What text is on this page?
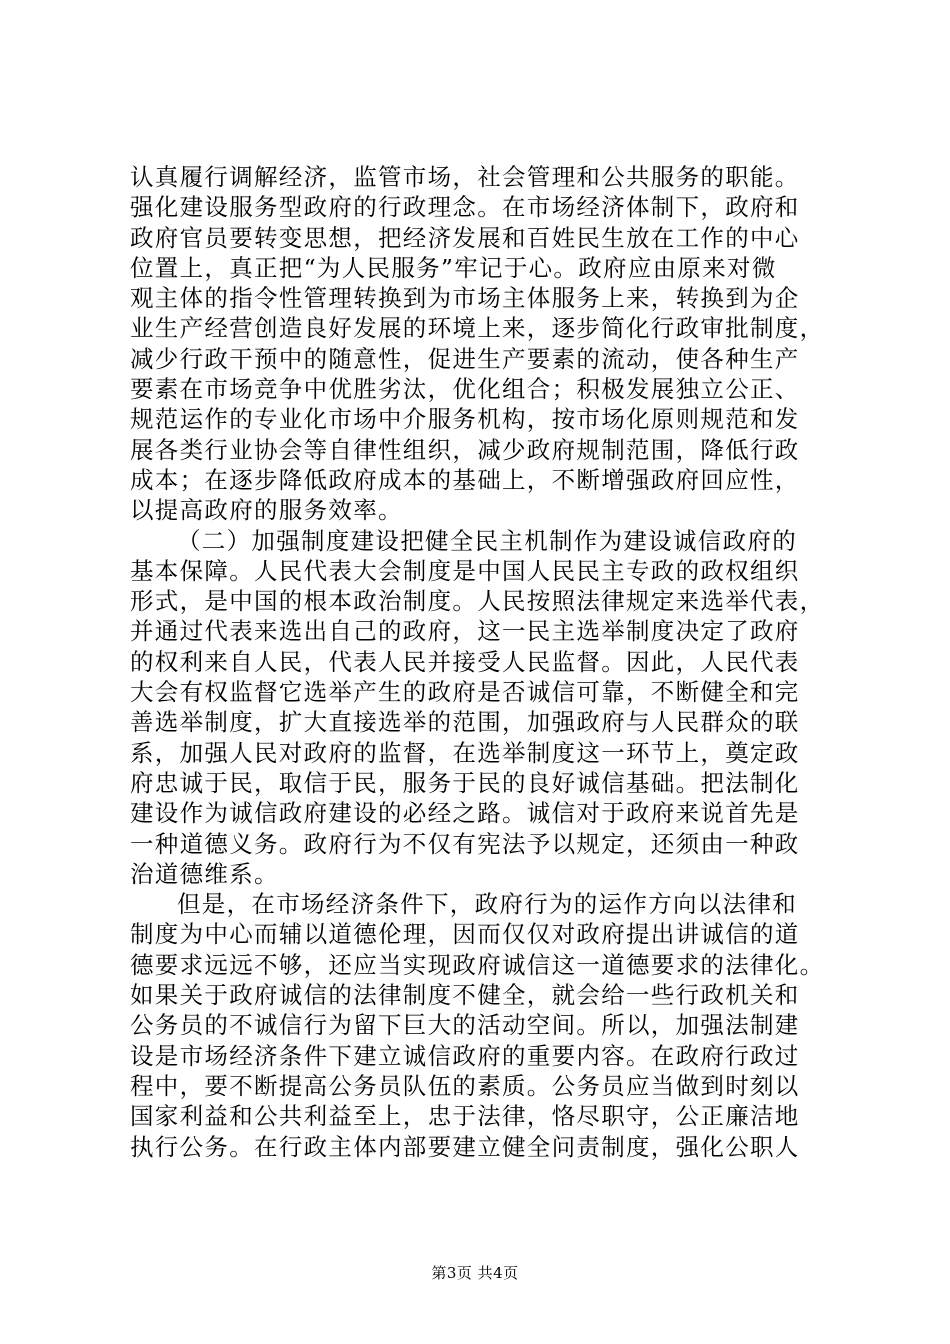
认真履行调解经济，监管市场，社会管理和公共服务的职能。
强化建设服务型政府的行政理念。在市场经济体制下，政府和
政府官员要转变思想，把经济发展和百姓民生放在工作的中心
位置上，真正把“为人民服务”牢记于心。政府应由原来对微
观主体的指令性管理转换到为市场主体服务上来，转换到为企
业生产经营创造良好发展的环境上来，逐步简化行政审批制度，
减少行政干预中的随意性，促进生产要素的流动，使各种生产
要素在市场竞争中优胜劣汰，优化组合；积极发展独立公正、
规范运作的专业化市场中介服务机构，按市场化原则规范和发
展各类行业协会等自律性组织，减少政府规制范围，降低行政
成本；在逐步降低政府成本的基础上，不断增强政府回应性，
以提高政府的服务效率。
（二）加强制度建设把健全民主机制作为建设诚信政府的
基本保障。人民代表大会制度是中国人民民主专政的政权组织
形式，是中国的根本政治制度。人民按照法律规定来选举代表，
并通过代表来选出自己的政府，这一民主选举制度决定了政府
的权利来自人民，代表人民并接受人民监督。因此，人民代表
大会有权监督它选举产生的政府是否诚信可靠，不断健全和完
善选举制度，扩大直接选举的范围，加强政府与人民群众的联
系，加强人民对政府的监督，在选举制度这一环节上，奠定政
府忠诚于民，取信于民，服务于民的良好诚信基础。把法制化
建设作为诚信政府建设的必经之路。诚信对于政府来说首先是
一种道德义务。政府行为不仅有宪法予以规定，还须由一种政
治道德维系。
但是，在市场经济条件下，政府行为的运作方向以法律和
制度为中心而辅以道德伦理，因而仅仅对政府提出讲诚信的道
德要求远远不够，还应当实现政府诚信这一道德要求的法律化。
如果关于政府诚信的法律制度不健全，就会给一些行政机关和
公务员的不诚信行为留下巨大的活动空间。所以，加强法制建
设是市场经济条件下建立诚信政府的重要内容。在政府行政过
程中，要不断提高公务员队伍的素质。公务员应当做到时刻以
国家利益和公共利益至上，忠于法律，恪尽职守，公正廉洁地
执行公务。在行政主体内部要建立健全问责制度，强化公职人
第3页 共4页
